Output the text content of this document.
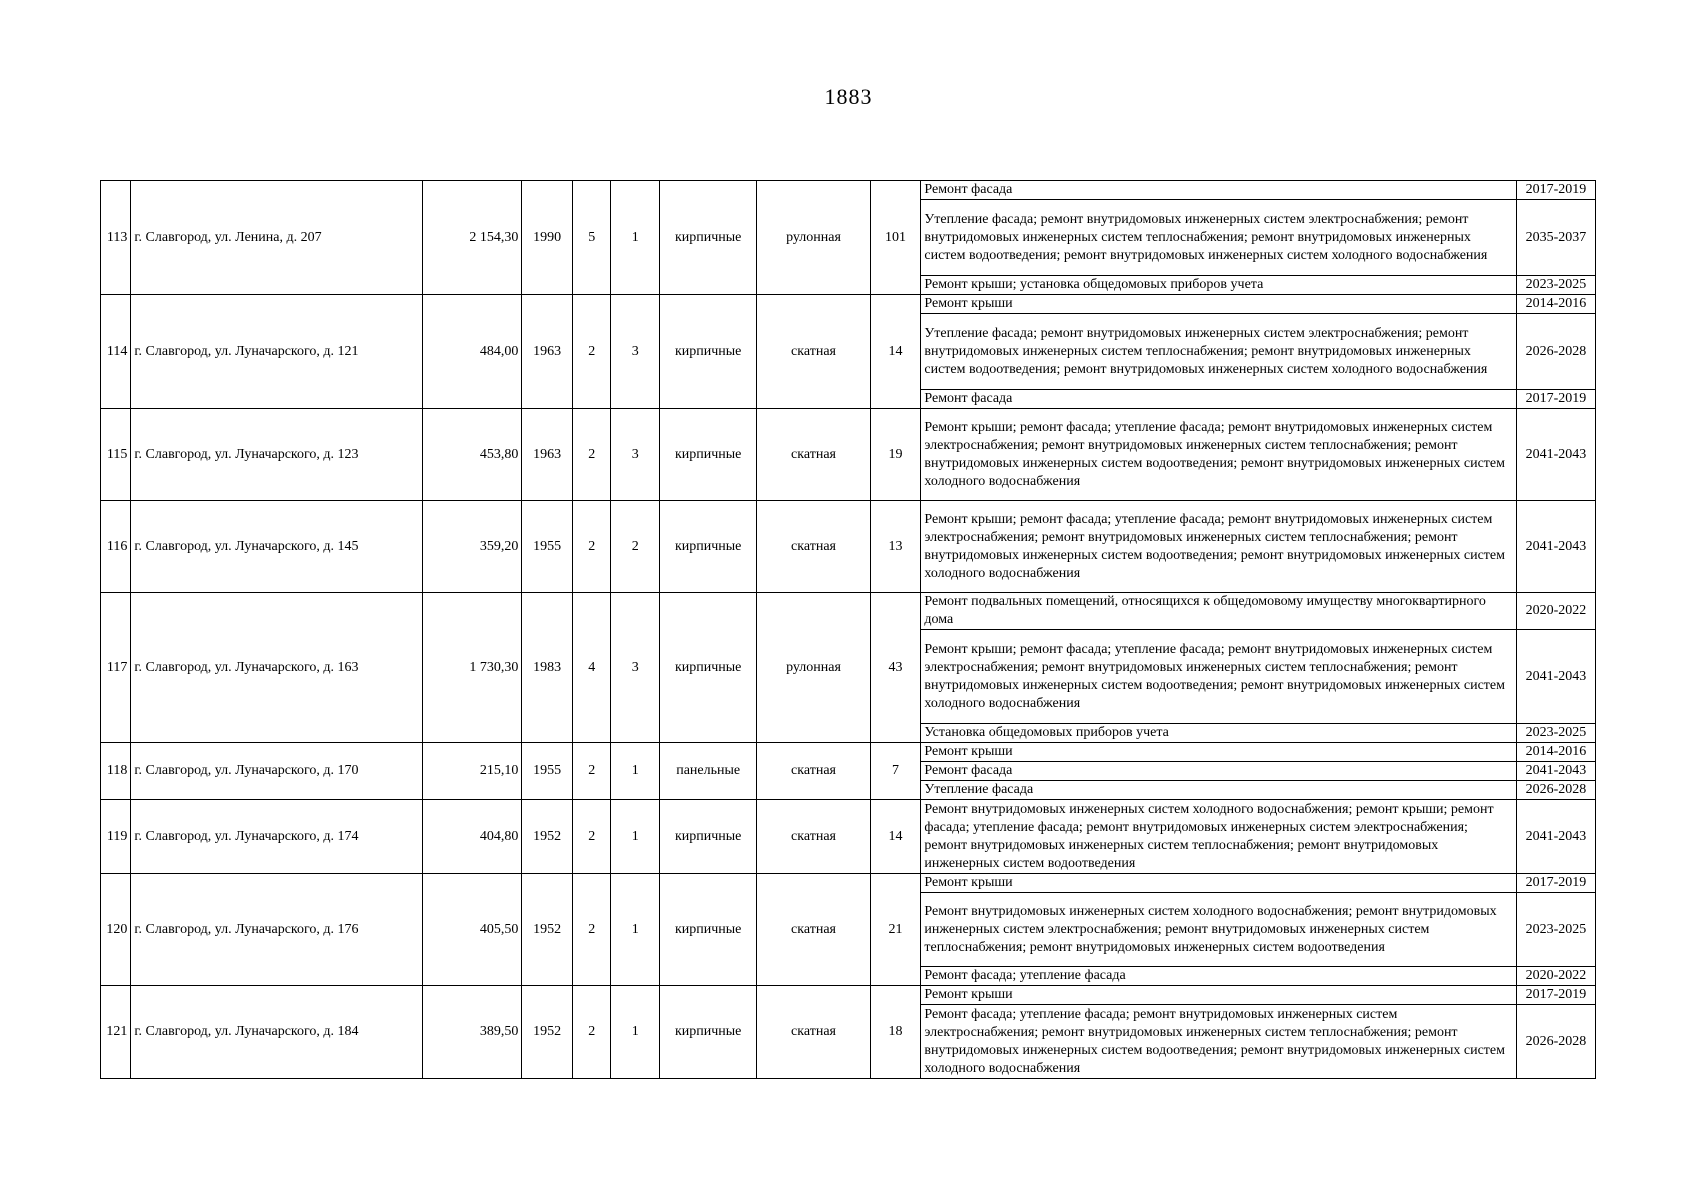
1883
113	г. Славгород, ул. Ленина, д. 207	2 154,30	1990	5	1	кирпичные	рулонная	101	Ремонт фасада	2017-2019
									Утепление фасада; ремонт внутридомовых инженерных систем электроснабжения; ремонт внутридомовых инженерных систем теплоснабжения; ремонт внутридомовых инженерных систем водоотведения; ремонт внутридомовых инженерных систем холодного водоснабжения	2035-2037
									Ремонт крыши; установка общедомовых приборов учета	2023-2025
114	г. Славгород, ул. Луначарского, д. 121	484,00	1963	2	3	кирпичные	скатная	14	Ремонт крыши	2014-2016
									Утепление фасада; ремонт внутридомовых инженерных систем электроснабжения; ремонт внутридомовых инженерных систем теплоснабжения; ремонт внутридомовых инженерных систем водоотведения; ремонт внутридомовых инженерных систем холодного водоснабжения	2026-2028
									Ремонт фасада	2017-2019
115	г. Славгород, ул. Луначарского, д. 123	453,80	1963	2	3	кирпичные	скатная	19	Ремонт крыши; ремонт фасада; утепление фасада; ремонт внутридомовых инженерных систем электроснабжения; ремонт внутридомовых инженерных систем теплоснабжения; ремонт внутридомовых инженерных систем водоотведения; ремонт внутридомовых инженерных систем холодного водоснабжения	2041-2043
116	г. Славгород, ул. Луначарского, д. 145	359,20	1955	2	2	кирпичные	скатная	13	Ремонт крыши; ремонт фасада; утепление фасада; ремонт внутридомовых инженерных систем электроснабжения; ремонт внутридомовых инженерных систем теплоснабжения; ремонт внутридомовых инженерных систем водоотведения; ремонт внутридомовых инженерных систем холодного водоснабжения	2041-2043
117	г. Славгород, ул. Луначарского, д. 163	1 730,30	1983	4	3	кирпичные	рулонная	43	Ремонт подвальных помещений, относящихся к общедомовому имуществу многоквартирного дома	2020-2022
									Ремонт крыши; ремонт фасада; утепление фасада; ремонт внутридомовых инженерных систем электроснабжения; ремонт внутридомовых инженерных систем теплоснабжения; ремонт внутридомовых инженерных систем водоотведения; ремонт внутридомовых инженерных систем холодного водоснабжения	2041-2043
									Установка общедомовых приборов учета	2023-2025
118	г. Славгород, ул. Луначарского, д. 170	215,10	1955	2	1	панельные	скатная	7	Ремонт крыши	2014-2016
									Ремонт фасада	2041-2043
									Утепление фасада	2026-2028
119	г. Славгород, ул. Луначарского, д. 174	404,80	1952	2	1	кирпичные	скатная	14	Ремонт внутридомовых инженерных систем холодного водоснабжения; ремонт крыши; ремонт фасада; утепление фасада; ремонт внутридомовых инженерных систем электроснабжения; ремонт внутридомовых инженерных систем теплоснабжения; ремонт внутридомовых инженерных систем водоотведения	2041-2043
120	г. Славгород, ул. Луначарского, д. 176	405,50	1952	2	1	кирпичные	скатная	21	Ремонт крыши	2017-2019
									Ремонт внутридомовых инженерных систем холодного водоснабжения; ремонт внутридомовых инженерных систем электроснабжения; ремонт внутридомовых инженерных систем теплоснабжения; ремонт внутридомовых инженерных систем водоотведения	2023-2025
									Ремонт фасада; утепление фасада	2020-2022
121	г. Славгород, ул. Луначарского, д. 184	389,50	1952	2	1	кирпичные	скатная	18	Ремонт крыши	2017-2019
									Ремонт фасада; утепление фасада; ремонт внутридомовых инженерных систем электроснабжения; ремонт внутридомовых инженерных систем теплоснабжения; ремонт внутридомовых инженерных систем водоотведения; ремонт внутридомовых инженерных систем холодного водоснабжения	2026-2028
